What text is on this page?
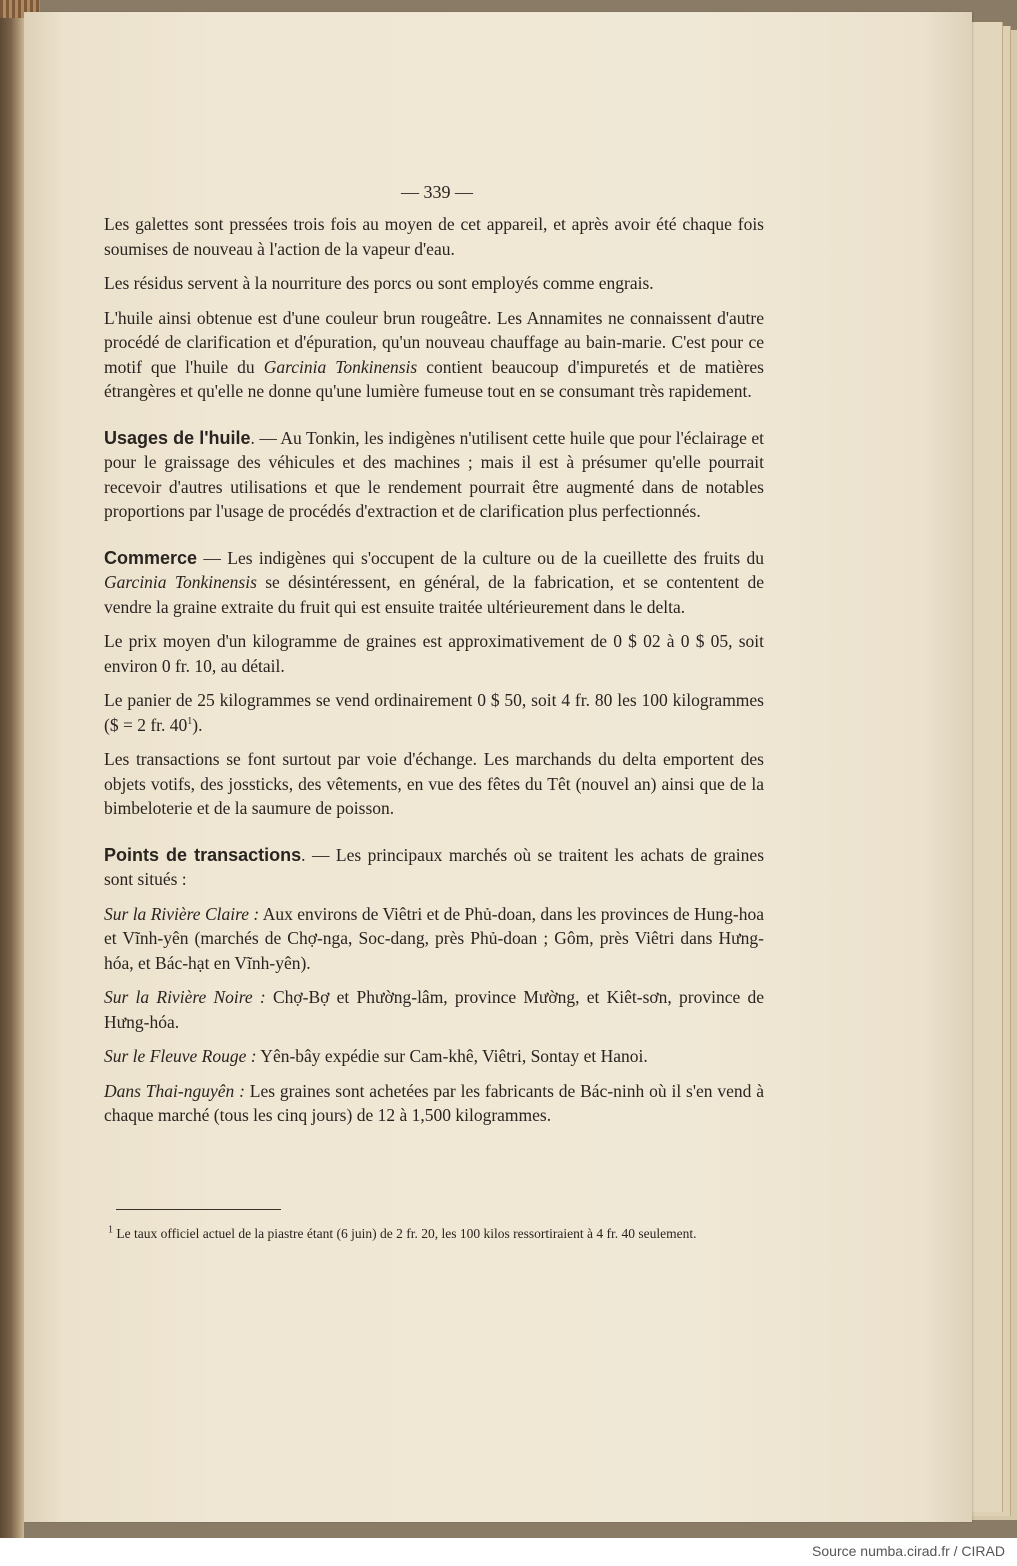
— 339 —

Les galettes sont pressées trois fois au moyen de cet appareil, et après avoir été chaque fois soumises de nouveau à l'action de la vapeur d'eau.

Les résidus servent à la nourriture des porcs ou sont employés comme engrais.

L'huile ainsi obtenue est d'une couleur brun rougeâtre. Les Annamites ne connaissent d'autre procédé de clarification et d'épuration, qu'un nouveau chauffage au bain-marie. C'est pour ce motif que l'huile du Garcinia Tonkinensis contient beaucoup d'impuretés et de matières étrangères et qu'elle ne donne qu'une lumière fumeuse tout en se consumant très rapidement.

Usages de l'huile. — Au Tonkin, les indigènes n'utilisent cette huile que pour l'éclairage et pour le graissage des véhicules et des machines ; mais il est à présumer qu'elle pourrait recevoir d'autres utilisations et que le rendement pourrait être augmenté dans de notables proportions par l'usage de procédés d'extraction et de clarification plus perfectionnés.

Commerce — Les indigènes qui s'occupent de la culture ou de la cueillette des fruits du Garcinia Tonkinensis se désintéressent, en général, de la fabrication, et se contentent de vendre la graine extraite du fruit qui est ensuite traitée ultérieurement dans le delta.

Le prix moyen d'un kilogramme de graines est approximativement de 0 $ 02 à 0 $ 05, soit environ 0 fr. 10, au détail.

Le panier de 25 kilogrammes se vend ordinairement 0 $ 50, soit 4 fr. 80 les 100 kilogrammes ($ = 2 fr. $40^1$).

Les transactions se font surtout par voie d'échange. Les marchands du delta emportent des objets votifs, des jossticks, des vêtements, en vue des fêtes du Têt (nouvel an) ainsi que de la bimbeloterie et de la saumure de poisson.

Points de transactions. — Les principaux marchés où se traitent les achats de graines sont situés :

Sur la Rivière Claire : Aux environs de Viêtri et de Phủ-doan, dans les provinces de Hung-hoa et Vĩnh-yên (marchés de Chợ-nga, Soc-dang, près Phủ-doan ; Gôm, près Viêtri dans Hưng-hóa, et Bác-hạt en Vĩnh-yên).

Sur la Rivière Noire : Chợ-Bợ et Phường-lâm, province Mường, et Kiêt-sơn, province de Hưng-hóa.

Sur le Fleuve Rouge : Yên-bây expédie sur Cam-khê, Viêtri, Sontay et Hanoi.

Dans Thai-nguyên : Les graines sont achetées par les fabricants de Bác-ninh où il s'en vend à chaque marché (tous les cinq jours) de 12 à 1,500 kilogrammes.

$^1$ Le taux officiel actuel de la piastre étant (6 juin) de 2 fr. 20, les 100 kilos ressortiraient à 4 fr. 40 seulement.
Source numba.cirad.fr / CIRAD
